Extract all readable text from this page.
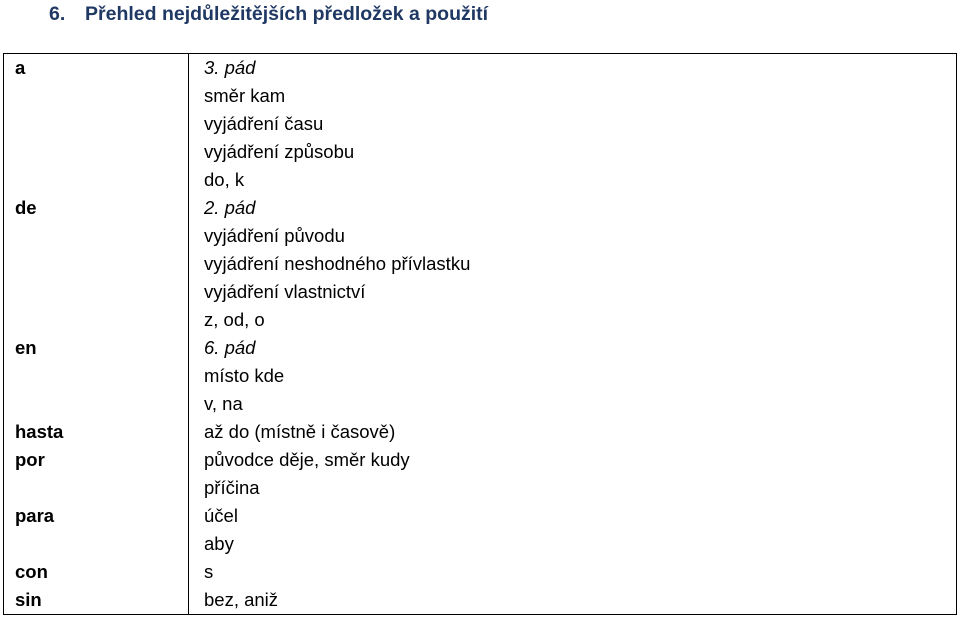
6. Přehled nejdůležitějších předložek a použití
a
de
en
hasta
por
para
con
sin
3. pád
směr kam
vyjádření času
vyjádření způsobu
do, k
2. pád
vyjádření původu
vyjádření neshodného přívlastku
vyjádření vlastnictví
z, od, o
6. pád
místo kde
v, na
až do (místně i časově)
původce děje, směr kudy
příčina
účel
aby
s
bez, aniž
